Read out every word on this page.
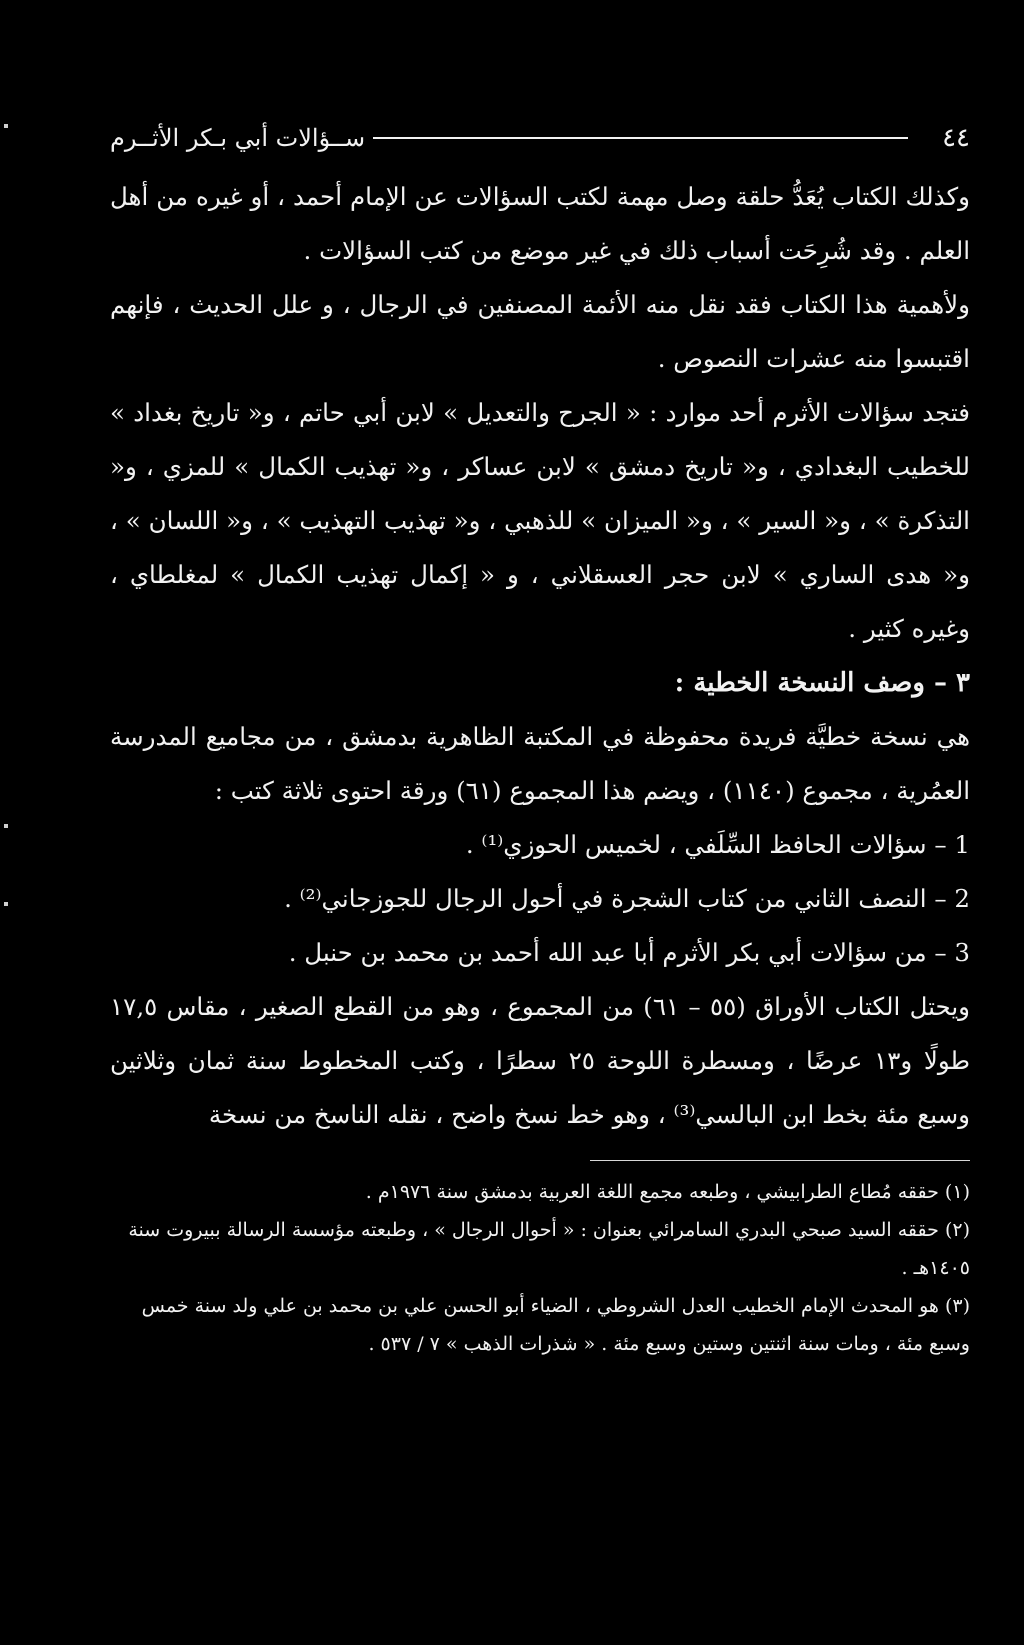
٤٤
ســؤالات أبي بـكر الأثــرم

وكذلك الكتاب يُعَدُّ حلقة وصل مهمة لكتب السؤالات عن الإمام أحمد ، أو غيره من أهل العلم . وقد شُرِحَت أسباب ذلك في غير موضع من كتب السؤالات .

ولأهمية هذا الكتاب فقد نقل منه الأئمة المصنفين في الرجال ، و علل الحديث ، فإنهم اقتبسوا منه عشرات النصوص .

فتجد سؤالات الأثرم أحد موارد : « الجرح والتعديل » لابن أبي حاتم ، و« تاريخ بغداد » للخطيب البغدادي ، و« تاريخ دمشق » لابن عساكر ، و« تهذيب الكمال » للمزي ، و« التذكرة » ، و« السير » ، و« الميزان » للذهبي ، و« تهذيب التهذيب » ، و« اللسان » ، و« هدى الساري » لابن حجر العسقلاني ، و « إكمال تهذيب الكمال » لمغلطاي ، وغيره كثير .

٣ – وصف النسخة الخطية :

هي نسخة خطيَّة فريدة محفوظة في المكتبة الظاهرية بدمشق ، من مجاميع المدرسة العمُرية ، مجموع (١١٤٠) ، ويضم هذا المجموع (٦١) ورقة احتوى ثلاثة كتب :

1 – سؤالات الحافظ السِّلَفي ، لخميس الحوزي⁽¹⁾ .

2 – النصف الثاني من كتاب الشجرة في أحول الرجال للجوزجاني⁽²⁾ .

3 – من سؤالات أبي بكر الأثرم أبا عبد الله أحمد بن محمد بن حنبل .

ويحتل الكتاب الأوراق (٥٥ – ٦١) من المجموع ، وهو من القطع الصغير ، مقاس ١٧,٥ طولًا و١٣ عرضًا ، ومسطرة اللوحة ٢٥ سطرًا ، وكتب المخطوط سنة ثمان وثلاثين وسبع مئة بخط ابن البالسي⁽³⁾ ، وهو خط نسخ واضح ، نقله الناسخ من نسخة

(١) حققه مُطاع الطرابيشي ، وطبعه مجمع اللغة العربية بدمشق سنة ١٩٧٦م .

(٢) حققه السيد صبحي البدري السامرائي بعنوان : « أحوال الرجال » ، وطبعته مؤسسة الرسالة ببيروت سنة ١٤٠٥هـ .

(٣) هو المحدث الإمام الخطيب العدل الشروطي ، الضياء أبو الحسن علي بن محمد بن علي ولد سنة خمس وسبع مئة ، ومات سنة اثنتين وستين وسبع مئة . « شذرات الذهب » ٧ / ٥٣٧ .
